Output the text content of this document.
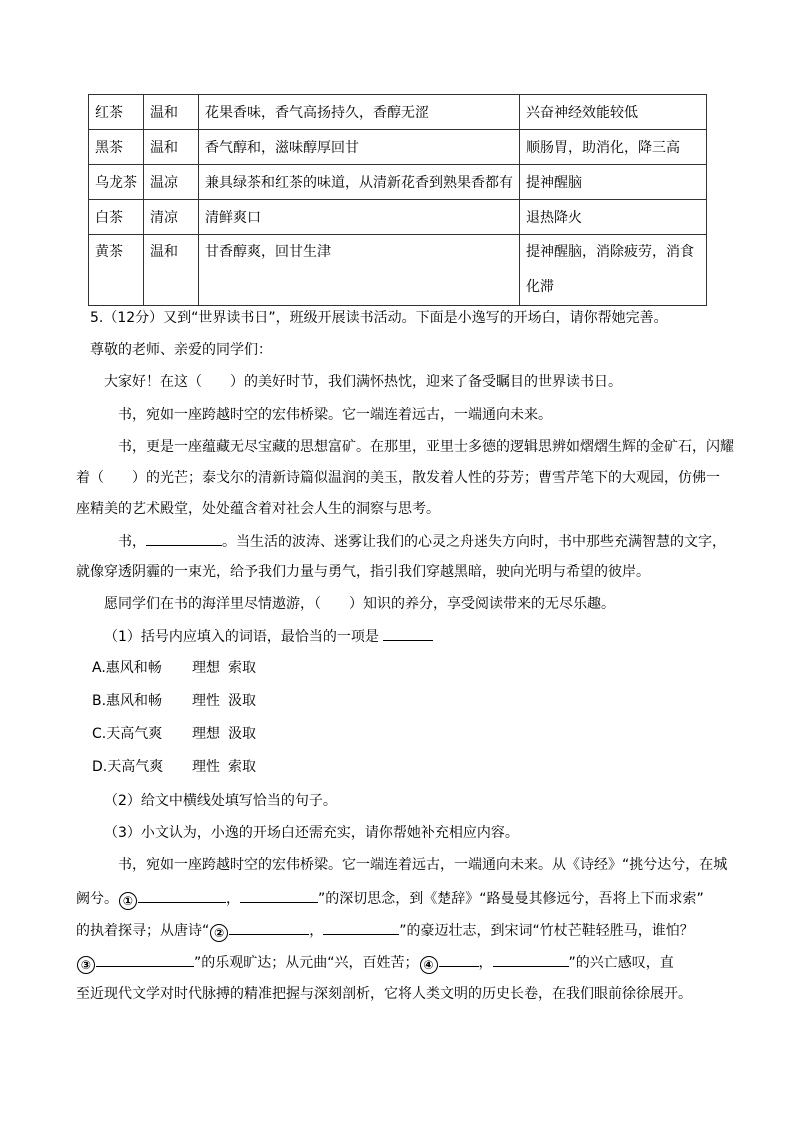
红茶	温和	花果香味，香气高扬持久，香醇无涩	兴奋神经效能较低
黑茶	温和	香气醇和，滋味醇厚回甘	顺肠胃，助消化，降三高
乌龙茶	温凉	兼具绿茶和红茶的味道，从清新花香到熟果香都有	提神醒脑
白茶	清凉	清鲜爽口	退热降火
黄茶	温和	甘香醇爽，回甘生津	提神醒脑，消除疲劳，消食化滞
5.（12分）又到“世界读书日”，班级开展读书活动。下面是小逸写的开场白，请你帮她完善。
尊敬的老师、亲爱的同学们：
大家好！在这（　　）的美好时节，我们满怀热忱，迎来了备受瞩目的世界读书日。
书，宛如一座跨越时空的宏伟桥梁。它一端连着远古，一端通向未来。
书，更是一座蕴藏无尽宝藏的思想富矿。在那里，亚里士多德的逻辑思辨如熠熠生辉的金矿石，闪耀
着（　　）的光芒；泰戈尔的清新诗篇似温润的美玉，散发着人性的芬芳；曹雪芹笔下的大观园，仿佛一
座精美的艺术殿堂，处处蕴含着对社会人生的洞察与思考。
书，	。当生活的波涛、迷雾让我们的心灵之舟迷失方向时，书中那些充满智慧的文字，
就像穿透阴霾的一束光，给予我们力量与勇气，指引我们穿越黑暗，驶向光明与希望的彼岸。
愿同学们在书的海洋里尽情遨游，（　　）知识的养分，享受阅读带来的无尽乐趣。
（1）括号内应填入的词语，最恰当的一项是
A.惠风和畅 理想 索取
B.惠风和畅 理性 汲取
C.天高气爽 理想 汲取
D.天高气爽 理性 索取
（2）给文中横线处填写恰当的句子。
（3）小文认为，小逸的开场白还需充实，请你帮她补充相应内容。
书，宛如一座跨越时空的宏伟桥梁。它一端连着远古，一端通向未来。从《诗经》“挑兮达兮，在城
阙兮。 ①	，	”的深切思念，到《楚辞》“路曼曼其修远兮，吾将上下而求索”
的执着探寻；从唐诗“ ②	，	”的豪迈壮志，到宋词“竹杖芒鞋轻胜马，谁怕？
③	”的乐观旷达；从元曲“兴，百姓苦； ④	，	”的兴亡感叹，直
至近现代文学对时代脉搏的精准把握与深刻剖析，它将人类文明的历史长卷，在我们眼前徐徐展开。
